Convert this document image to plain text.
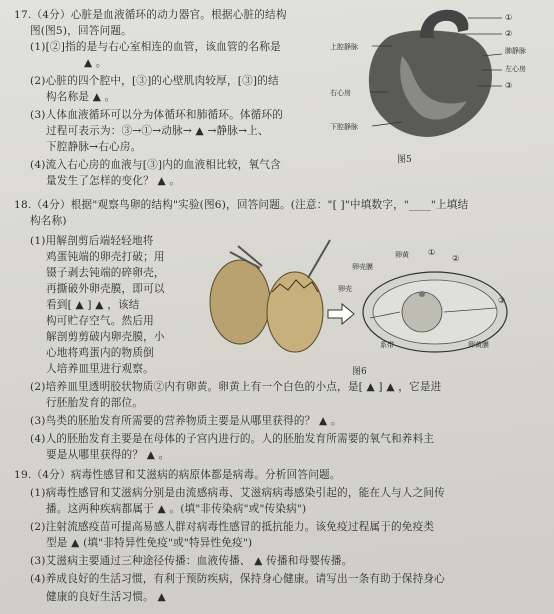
17.（4分）心脏是血液循环的动力器官。根据心脏的结构
图(图5)，回答问题。
(1)[②]指的是与右心室相连的血管，该血管的名称是
▲ 。
(2)心脏的四个腔中，[③]的心壁肌肉较厚，[③]的结
构名称是 ▲ 。
(3)人体血液循环可以分为体循环和肺循环。体循环的
过程可表示为：③→①→动脉→ ▲ →静脉→上、
下腔静脉→右心房。
(4)流入右心房的血液与[③]内的血液相比较，氧气含
量发生了怎样的变化？ ▲ 。
上腔静脉
右心房
下腔静脉
①
②
肺静脉
左心房
③
图5
18.（4分）根据"观察鸟卵的结构"实验(图6)，回答问题。(注意："[ ]"中填数字，"____"上填结
构名称)
(1)用解剖剪后端轻轻地将
鸡蛋钝端的卵壳打破；用
镊子剥去钝端的碎卵壳，
再撕破外卵壳膜，即可以
看到[ ▲ ] ▲ ，该结
构可贮存空气。然后用
解剖剪剪破内卵壳膜，小
心地将鸡蛋内的物质倒
人培养皿里进行观察。
卵壳膜
卵黄
卵壳
系带	卵黄膜
①
②
③
图6
(2)培养皿里透明胶状物质②内有卵黄。卵黄上有一个白色的小点，是[ ▲ ] ▲ ，它是进
行胚胎发育的部位。
(3)鸟类的胚胎发育所需要的营养物质主要是从哪里获得的？ ▲ 。
(4)人的胚胎发育主要是在母体的子宫内进行的。人的胚胎发育所需要的氧气和养料主
要是从哪里获得的？ ▲ 。
19.（4分）病毒性感冒和艾滋病的病原体都是病毒。分析回答问题。
(1)病毒性感冒和艾滋病分别是由流感病毒、艾滋病病毒感染引起的，能在人与人之间传
播。这两种疾病都属于 ▲ 。(填"非传染病"或"传染病")
(2)注射流感疫苗可提高易感人群对病毒性感冒的抵抗能力。该免疫过程属于的免疫类
型是 ▲ (填"非特异性免疫"或"特异性免疫")
(3)艾滋病主要通过三种途径传播：血液传播、 ▲ 传播和母婴传播。
(4)养成良好的生活习惯，有利于预防疾病，保持身心健康。请写出一条有助于保持身心
健康的良好生活习惯。 ▲
